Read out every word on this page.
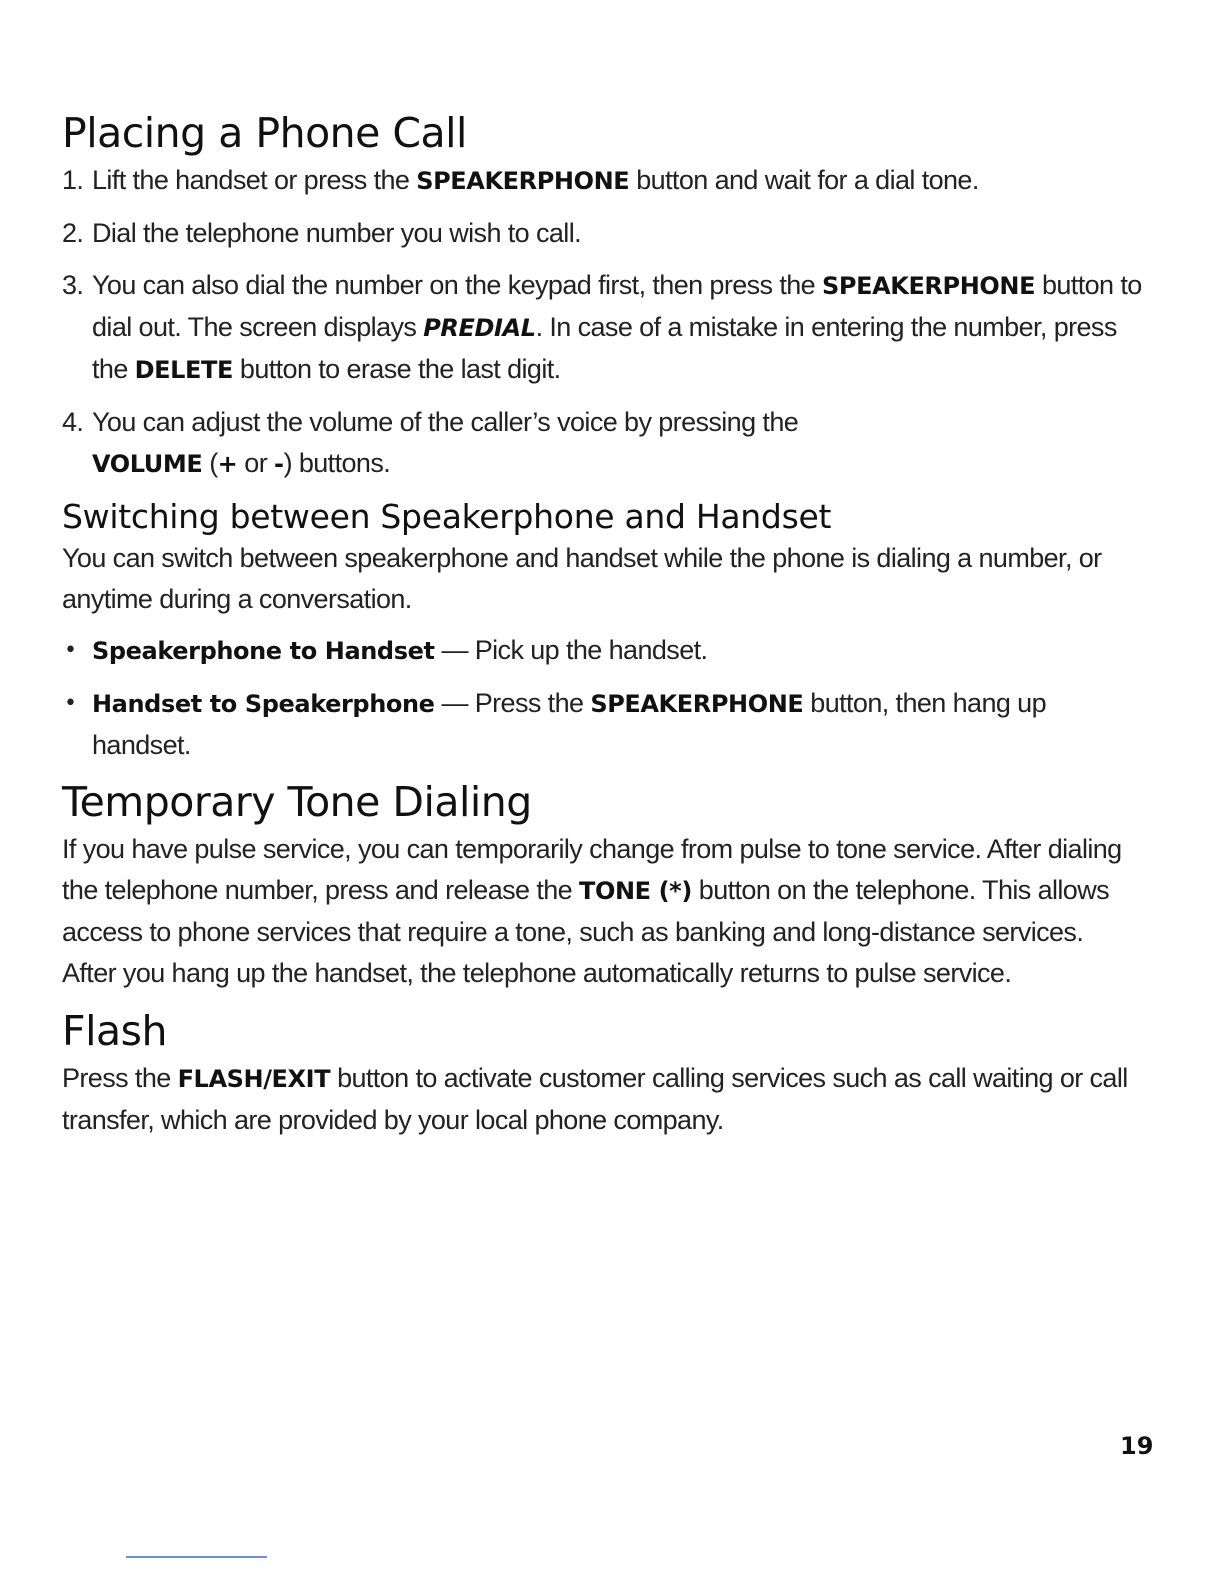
Placing a Phone Call
1. Lift the handset or press the SPEAKERPHONE button and wait for a dial tone.
2. Dial the telephone number you wish to call.
3. You can also dial the number on the keypad first, then press the SPEAKERPHONE button to dial out. The screen displays PREDIAL. In case of a mistake in entering the number, press the DELETE button to erase the last digit.
4. You can adjust the volume of the caller’s voice by pressing the
VOLUME (+ or -) buttons.
Switching between Speakerphone and Handset

You can switch between speakerphone and handset while the phone is dialing a number, or anytime during a conversation.

• Speakerphone to Handset — Pick up the handset.
• Handset to Speakerphone — Press the SPEAKERPHONE button, then hang up handset.
Temporary Tone Dialing

If you have pulse service, you can temporarily change from pulse to tone service. After dialing the telephone number, press and release the TONE (*) button on the telephone. This allows access to phone services that require a tone, such as banking and long-distance services. After you hang up the handset, the telephone automatically returns to pulse service.

Flash

Press the FLASH/EXIT button to activate customer calling services such as call waiting or call transfer, which are provided by your local phone company.

19
